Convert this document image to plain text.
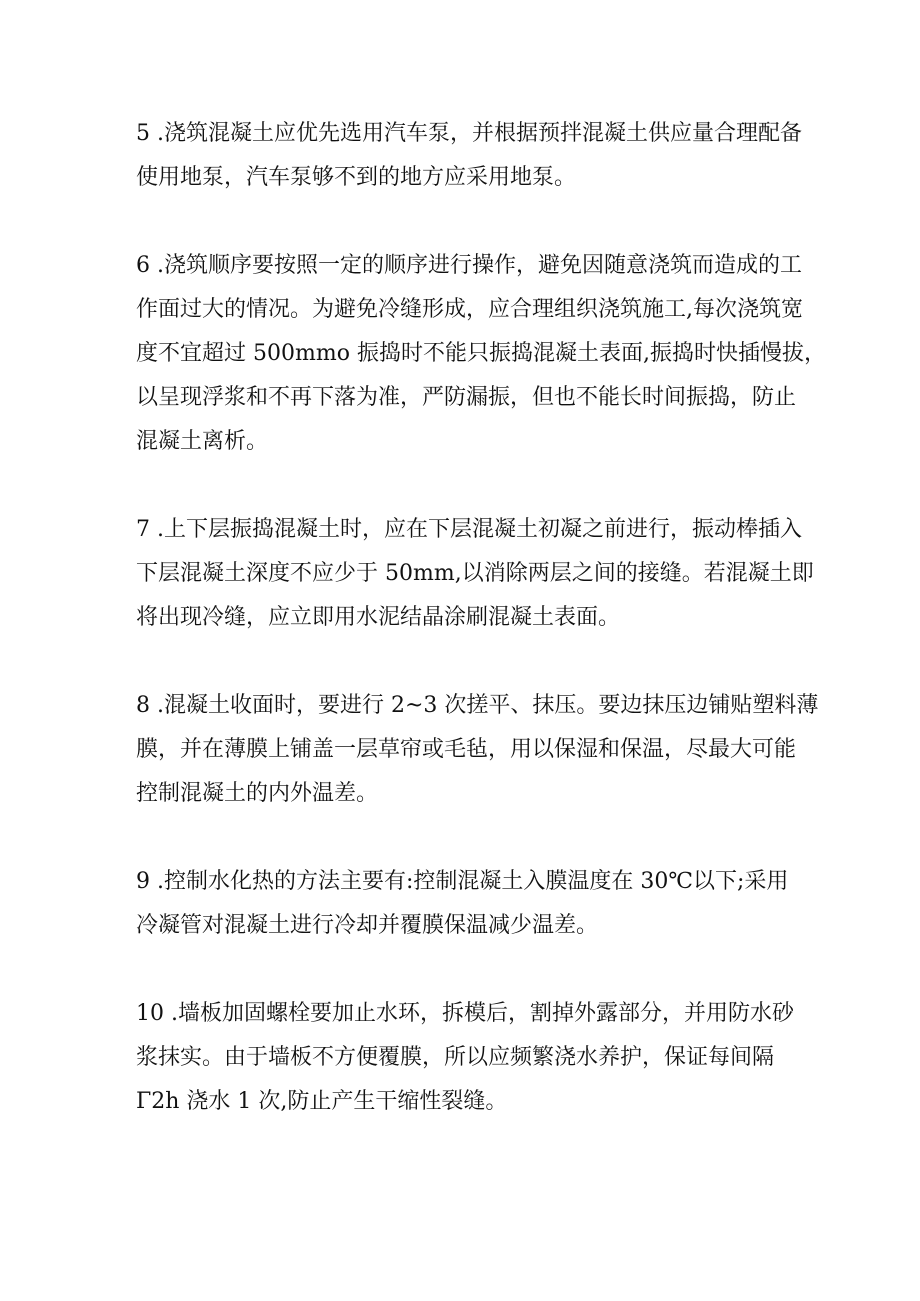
5 .浇筑混凝土应优先选用汽车泵，并根据预拌混凝土供应量合理配备
使用地泵，汽车泵够不到的地方应采用地泵。

6 .浇筑顺序要按照一定的顺序进行操作，避免因随意浇筑而造成的工
作面过大的情况。为避免冷缝形成，应合理组织浇筑施工,每次浇筑宽
度不宜超过 500mmo 振捣时不能只振捣混凝土表面,振捣时快插慢拔，
以呈现浮浆和不再下落为准，严防漏振，但也不能长时间振捣，防止
混凝土离析。

7 .上下层振捣混凝土时，应在下层混凝土初凝之前进行，振动棒插入
下层混凝土深度不应少于 50mm,以消除两层之间的接缝。若混凝土即
将出现冷缝，应立即用水泥结晶涂刷混凝土表面。

8 .混凝土收面时，要进行 2~3 次搓平、抹压。要边抹压边铺贴塑料薄
膜，并在薄膜上铺盖一层草帘或毛毡，用以保湿和保温，尽最大可能
控制混凝土的内外温差。

9 .控制水化热的方法主要有:控制混凝土入膜温度在 30℃以下;采用
冷凝管对混凝土进行冷却并覆膜保温减少温差。

10 .墙板加固螺栓要加止水环，拆模后，割掉外露部分，并用防水砂
浆抹实。由于墙板不方便覆膜，所以应频繁浇水养护，保证每间隔
Γ2h 浇水 1 次,防止产生干缩性裂缝。
